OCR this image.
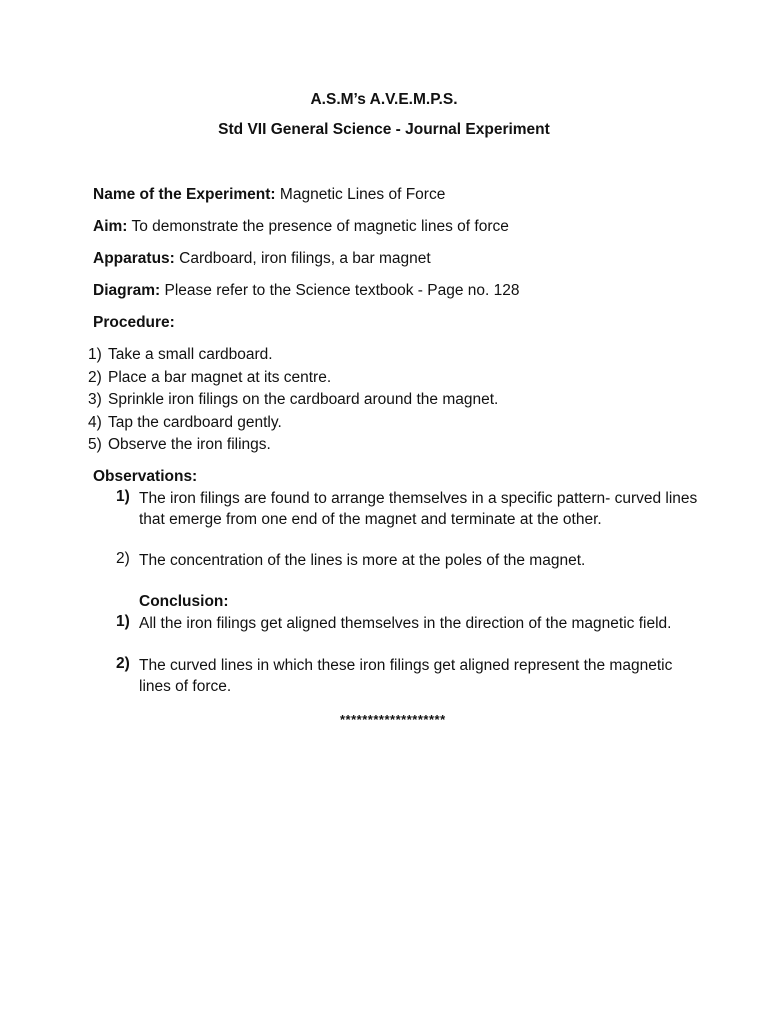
A.S.M’s A.V.E.M.P.S.
Std VII General Science - Journal Experiment
Name of the Experiment: Magnetic Lines of Force
Aim: To demonstrate the presence of magnetic lines of force
Apparatus: Cardboard, iron filings, a bar magnet
Diagram: Please refer to the Science textbook - Page no. 128
Procedure:
1) Take a small cardboard.
2) Place a bar magnet at its centre.
3) Sprinkle iron filings on the cardboard around the magnet.
4) Tap the cardboard gently.
5) Observe the iron filings.
Observations:
1) The iron filings are found to arrange themselves in a specific pattern- curved lines that emerge from one end of the magnet and terminate at the other.
2) The concentration of the lines is more at the poles of the magnet.
Conclusion:
1) All the iron filings get aligned themselves in the direction of the magnetic field.
2) The curved lines in which these iron filings get aligned represent the magnetic lines of force.
*******************
